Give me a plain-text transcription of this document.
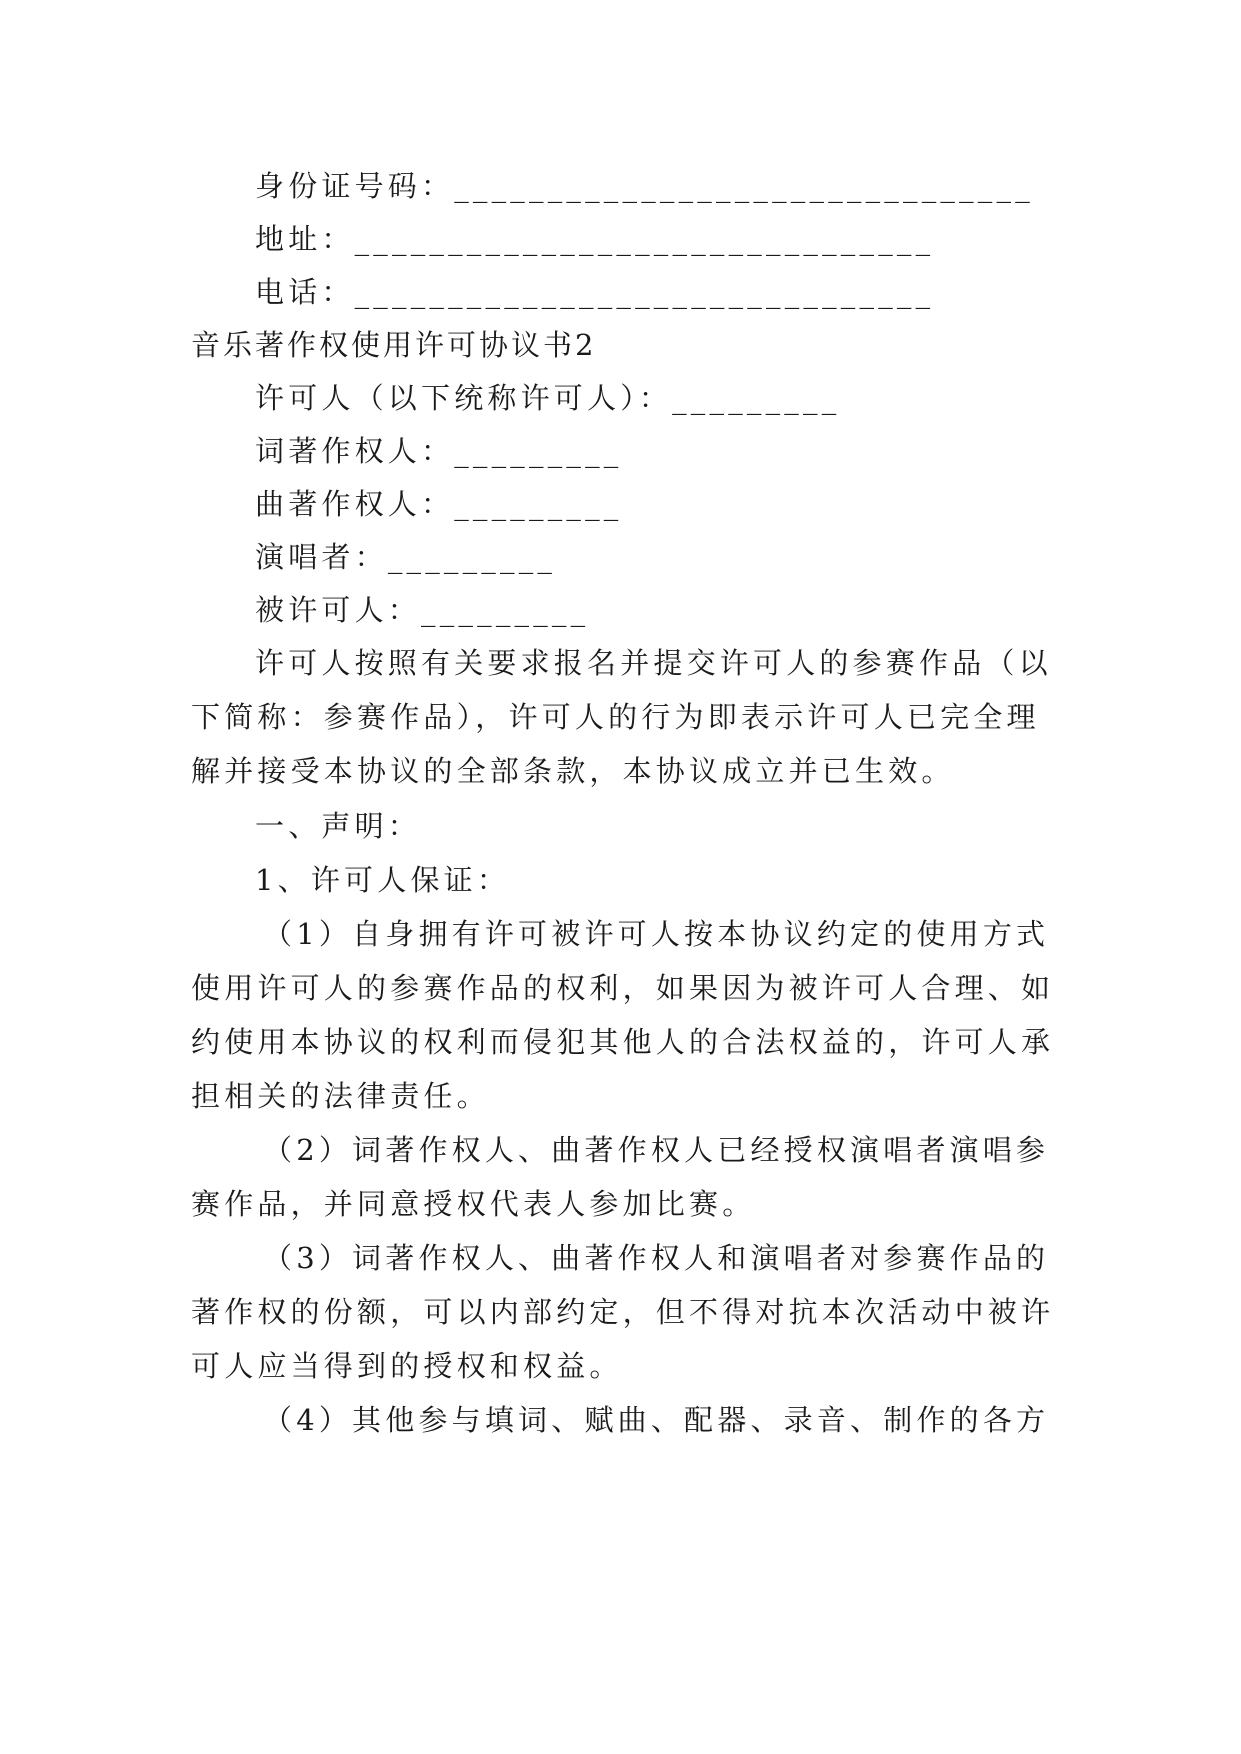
身份证号码：_______________________________
地址：_______________________________
电话：_______________________________
音乐著作权使用许可协议书2
许可人（以下统称许可人）：_________
词著作权人：_________
曲著作权人：_________
演唱者：_________
被许可人：_________
许可人按照有关要求报名并提交许可人的参赛作品（以
下简称：参赛作品），许可人的行为即表示许可人已完全理
解并接受本协议的全部条款，本协议成立并已生效。
一、声明：
1、许可人保证：
（1）自身拥有许可被许可人按本协议约定的使用方式
使用许可人的参赛作品的权利，如果因为被许可人合理、如
约使用本协议的权利而侵犯其他人的合法权益的，许可人承
担相关的法律责任。
（2）词著作权人、曲著作权人已经授权演唱者演唱参
赛作品，并同意授权代表人参加比赛。
（3）词著作权人、曲著作权人和演唱者对参赛作品的
著作权的份额，可以内部约定，但不得对抗本次活动中被许
可人应当得到的授权和权益。
（4）其他参与填词、赋曲、配器、录音、制作的各方
